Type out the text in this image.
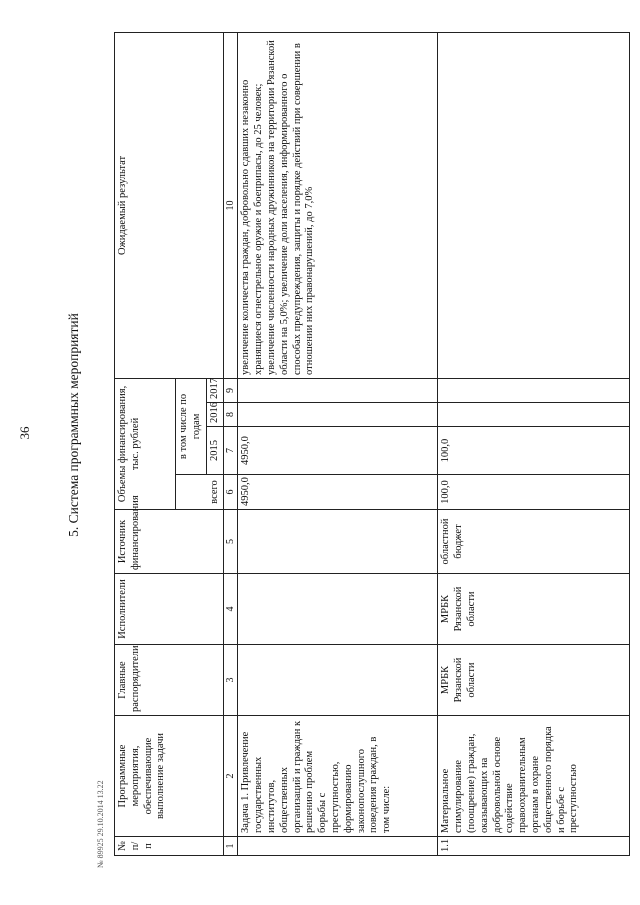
36	5. Система программных мероприятий
№ 89925 29.10.2014 13.22	№ п/п	Программные мероприятия, обеспечивающие выполнение задачи	Главные распорядители	Исполнители	Источник финансирования	Объемы финансирования, тыс. рублей				Ожидаемый результат
					всего	в том числе по годам			
						2015	2016	2017	
1	2	3	4	5	6	7	8	9	10
	Задача 1. Привлечение государственных институтов, общественных организаций и граждан к решению проблем борьбы с преступностью, формированию законопослушного поведения граждан, в том числе:				4950,0	4950,0			увеличение количества граждан, добровольно сдавших незаконно хранящиеся огнестрельное оружие и боеприпасы, до 25 человек; увеличение численности народных дружинников на территории Рязанской области на 5,0%; увеличение доли населения, информированного о способах предупреждения, защиты и порядке действий при совершении в отношении них правонарушений, до 7,0%
1.1	Материальное стимулирование (поощрение) граждан, оказывающих на добровольной основе содействие правоохранительным органам в охране общественного порядка и борьбе с преступностью	МРБК Рязанской области	МРБК Рязанской области	областной бюджет	100,0	100,0			
